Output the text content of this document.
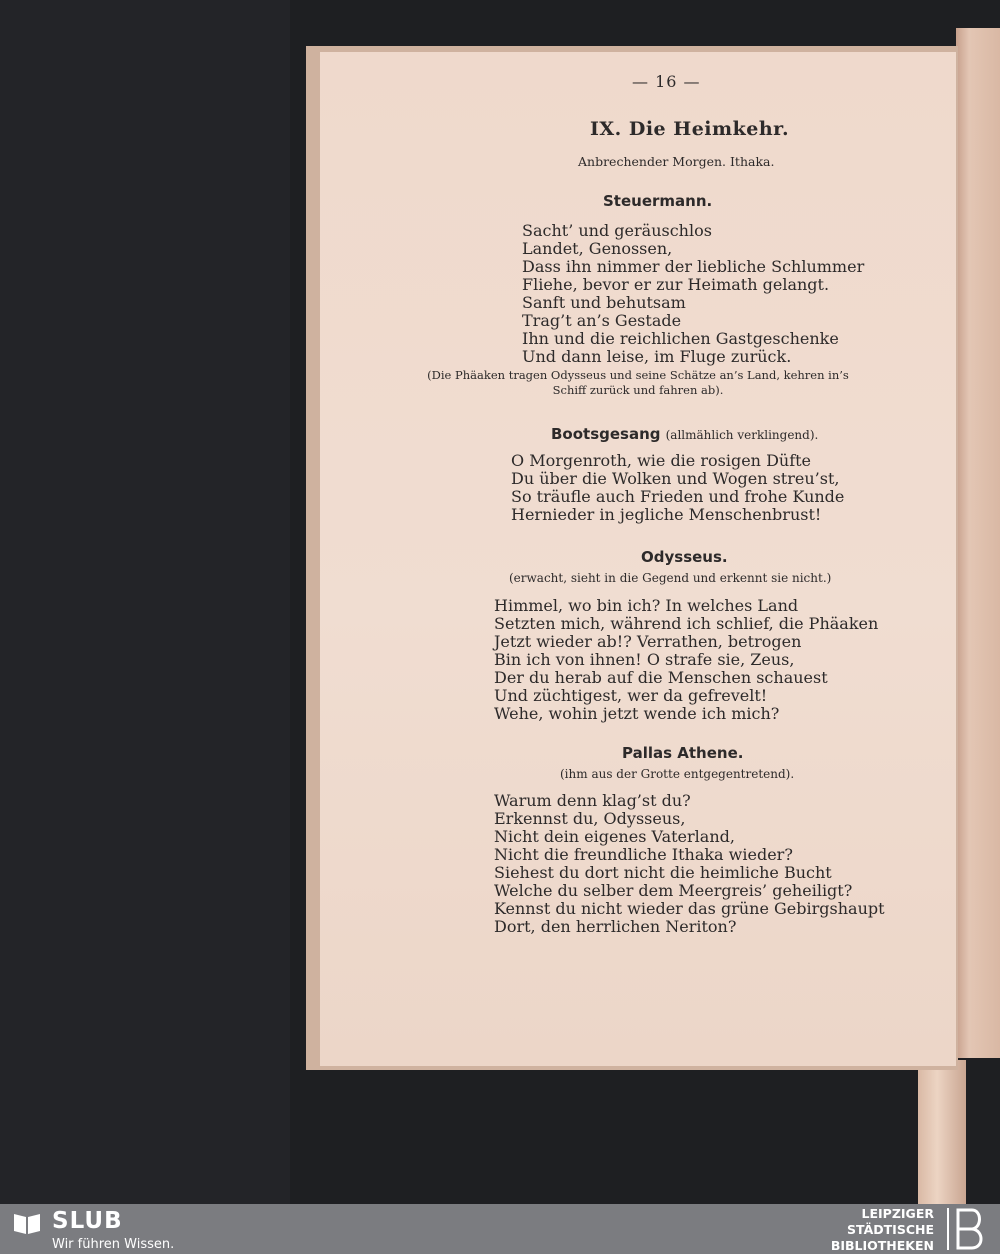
— 16 —
IX. Die Heimkehr.
Anbrechender Morgen. Ithaka.
Steuermann.
Sacht’ und geräuschlos
Landet, Genossen,
Dass ihn nimmer der liebliche Schlummer
Fliehe, bevor er zur Heimath gelangt.
Sanft und behutsam
Trag’t an’s Gestade
Ihn und die reichlichen Gastgeschenke
Und dann leise, im Fluge zurück.
(Die Phäaken tragen Odysseus und seine Schätze an’s Land, kehren in’s
Schiff zurück und fahren ab).
Bootsgesang (allmählich verklingend).
O Morgenroth, wie die rosigen Düfte
Du über die Wolken und Wogen streu’st,
So träufle auch Frieden und frohe Kunde
Hernieder in jegliche Menschenbrust!
Odysseus.
(erwacht, sieht in die Gegend und erkennt sie nicht.)
Himmel, wo bin ich? In welches Land
Setzten mich, während ich schlief, die Phäaken
Jetzt wieder ab!? Verrathen, betrogen
Bin ich von ihnen! O strafe sie, Zeus,
Der du herab auf die Menschen schauest
Und züchtigest, wer da gefrevelt!
Wehe, wohin jetzt wende ich mich?
Pallas Athene.
(ihm aus der Grotte entgegentretend).
Warum denn klag’st du?
Erkennst du, Odysseus,
Nicht dein eigenes Vaterland,
Nicht die freundliche Ithaka wieder?
Siehest du dort nicht die heimliche Bucht
Welche du selber dem Meergreis’ geheiligt?
Kennst du nicht wieder das grüne Gebirgshaupt
Dort, den herrlichen Neriton?
SLUB
Wir führen Wissen.
LEIPZIGER
STÄDTISCHE
BIBLIOTHEKEN
